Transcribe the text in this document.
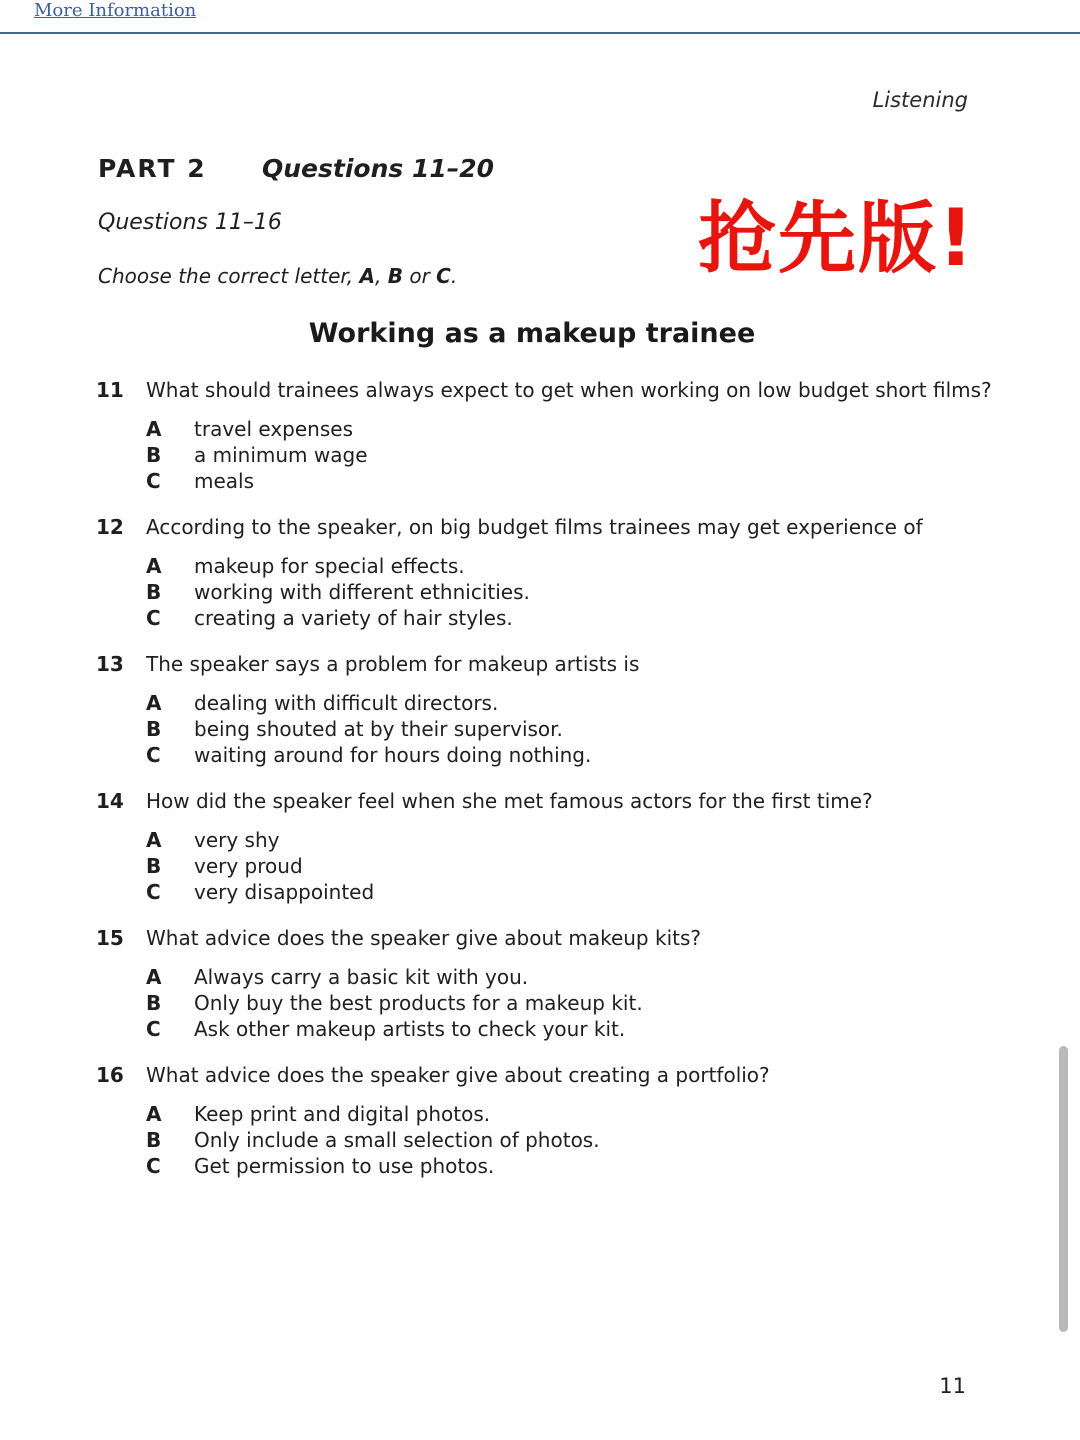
More Information
Listening
PART 2 Questions 11–20
Questions 11–16
Choose the correct letter, A, B or C.	抢先版!
Working as a makeup trainee
11	What should trainees always expect to get when working on low budget short films?
A	travel expenses
B	a minimum wage
C	meals
12	According to the speaker, on big budget films trainees may get experience of
A	makeup for special effects.
B	working with different ethnicities.
C	creating a variety of hair styles.
13	The speaker says a problem for makeup artists is
A	dealing with difficult directors.
B	being shouted at by their supervisor.
C	waiting around for hours doing nothing.
14	How did the speaker feel when she met famous actors for the first time?
A	very shy
B	very proud
C	very disappointed
15	What advice does the speaker give about makeup kits?
A	Always carry a basic kit with you.
B	Only buy the best products for a makeup kit.
C	Ask other makeup artists to check your kit.
16	What advice does the speaker give about creating a portfolio?
A	Keep print and digital photos.
B	Only include a small selection of photos.
C	Get permission to use photos.
11
